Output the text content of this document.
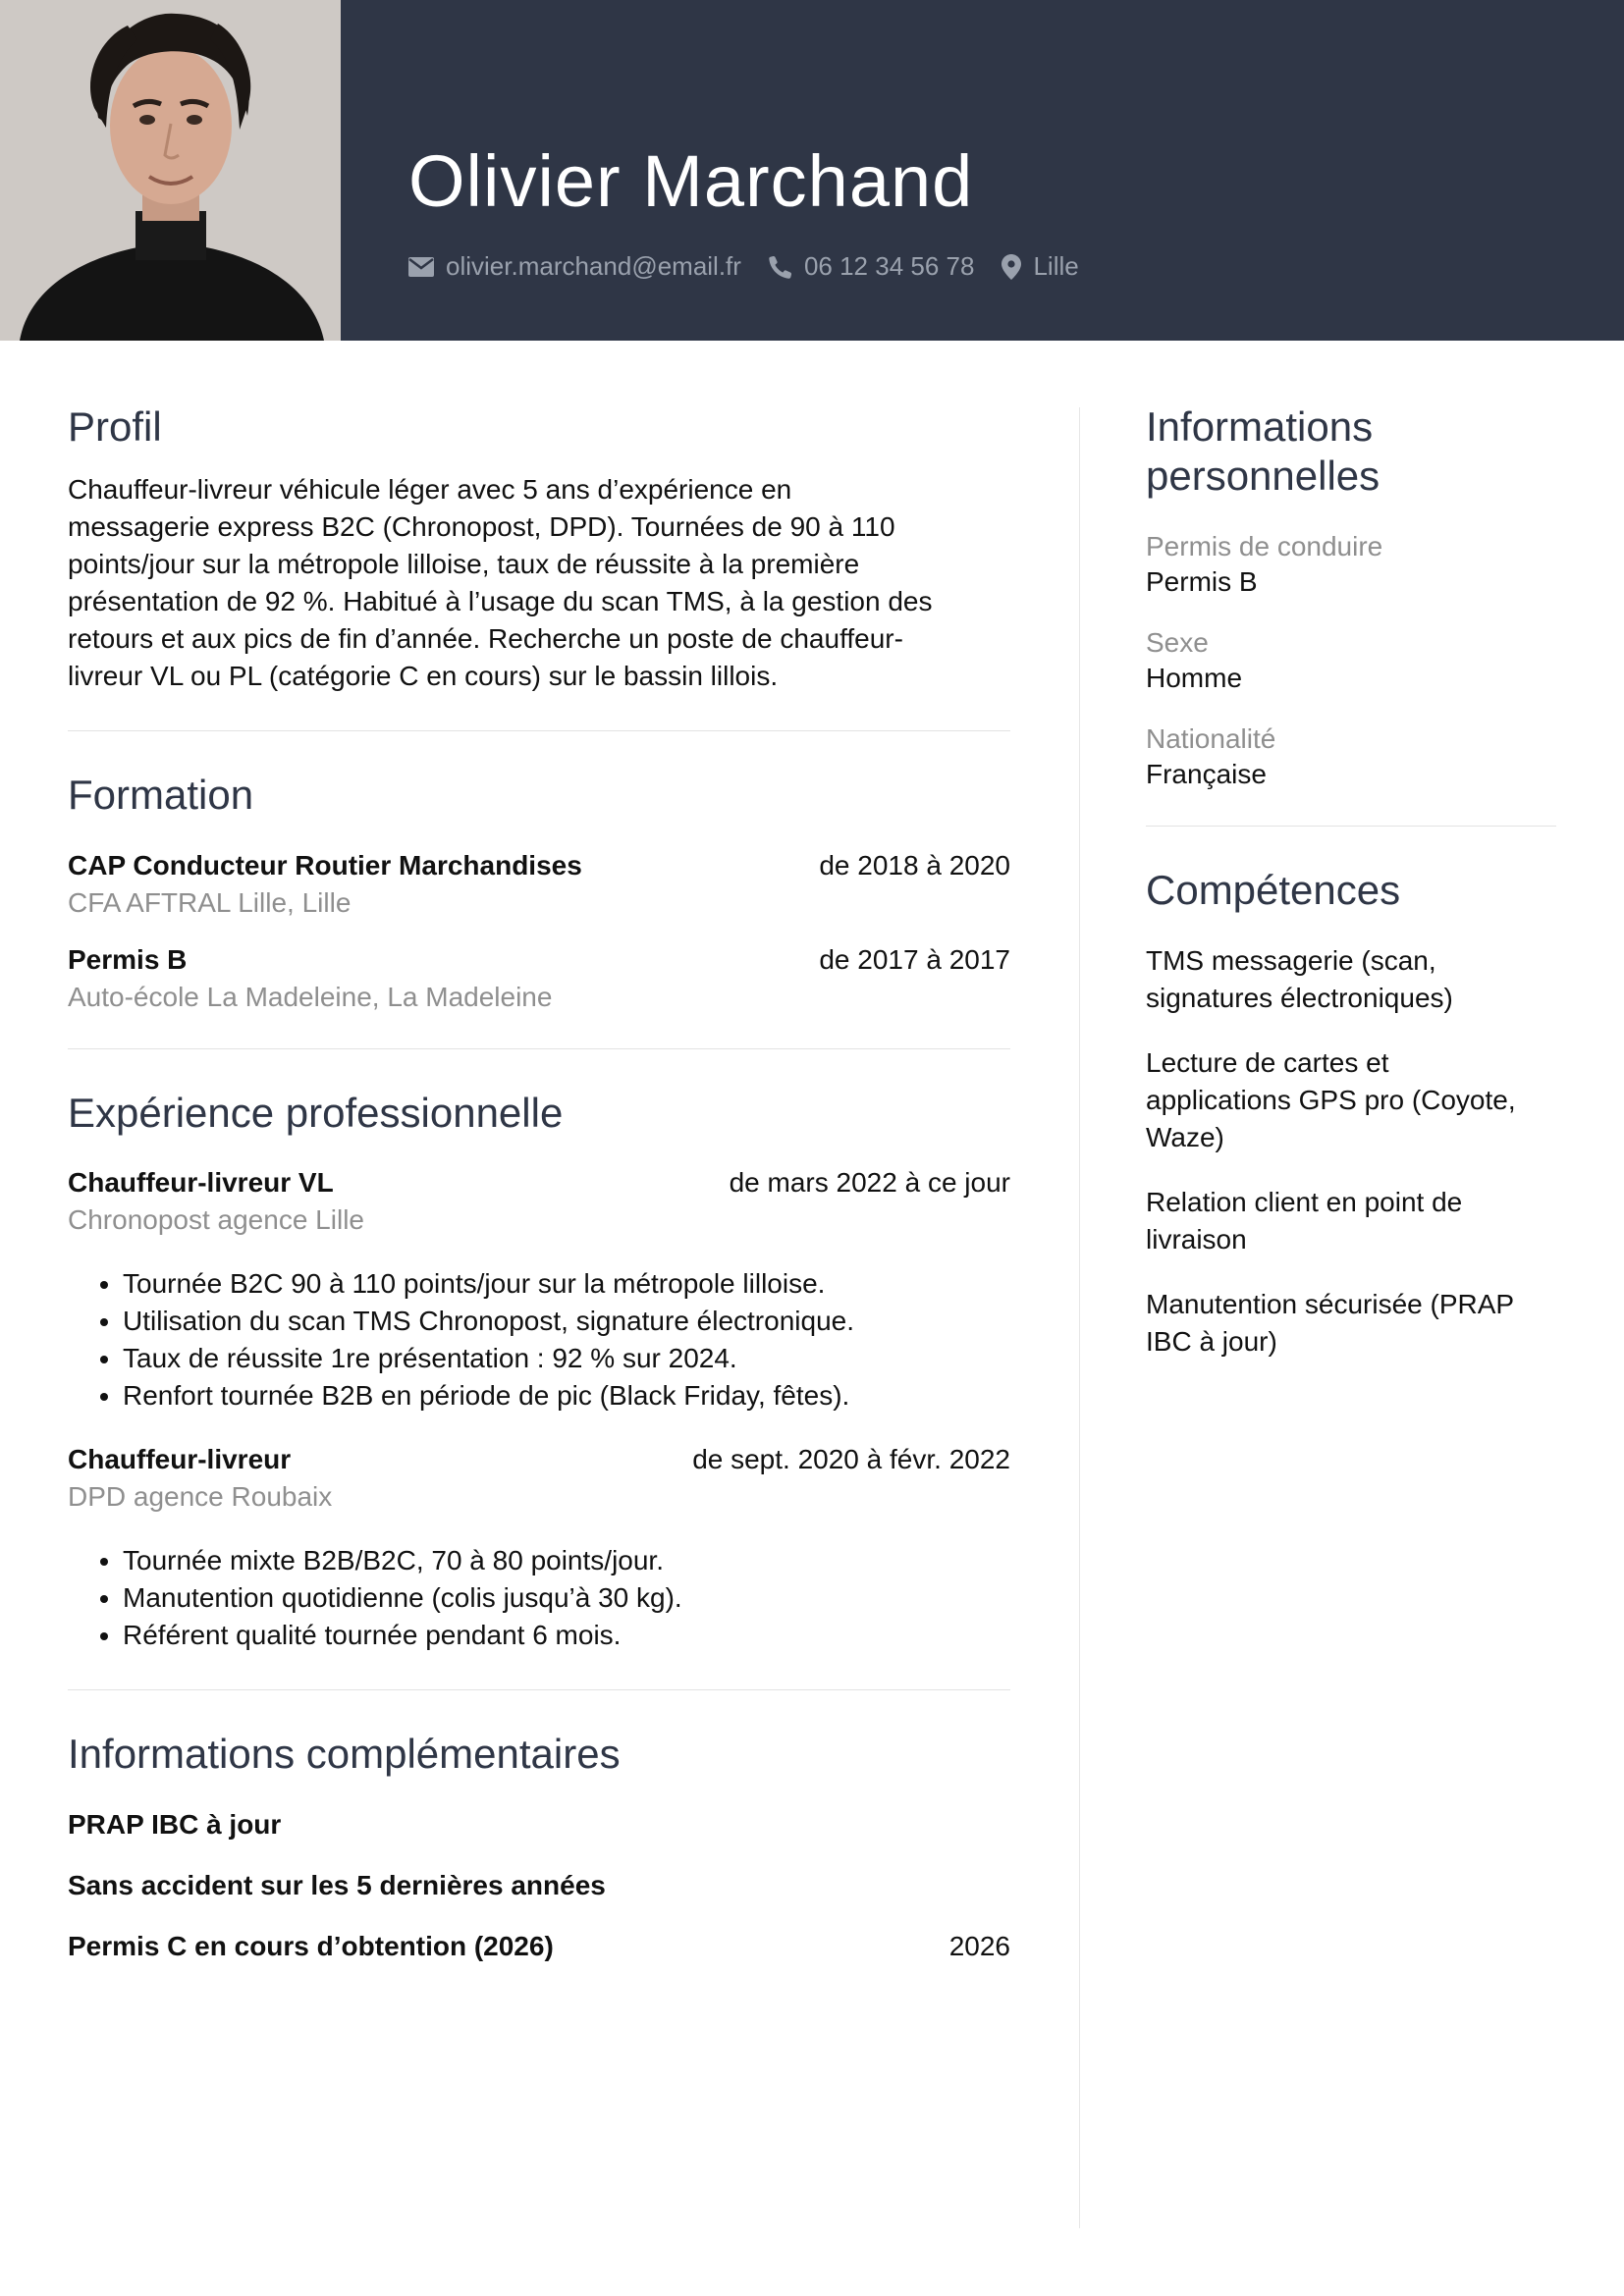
Olivier Marchand
olivier.marchand@email.fr 06 12 34 56 78 Lille
Profil
Chauffeur-livreur véhicule léger avec 5 ans d’expérience en
messagerie express B2C (Chronopost, DPD). Tournées de 90 à 110
points/jour sur la métropole lilloise, taux de réussite à la première
présentation de 92 %. Habitué à l’usage du scan TMS, à la gestion des
retours et aux pics de fin d’année. Recherche un poste de chauffeur-
livreur VL ou PL (catégorie C en cours) sur le bassin lillois.
Formation
CAP Conducteur Routier Marchandises	de 2018 à 2020
CFA AFTRAL Lille, Lille
Permis B	de 2017 à 2017
Auto-école La Madeleine, La Madeleine
Expérience professionnelle
Chauffeur-livreur VL	de mars 2022 à ce jour
Chronopost agence Lille
• Tournée B2C 90 à 110 points/jour sur la métropole lilloise.
• Utilisation du scan TMS Chronopost, signature électronique.
• Taux de réussite 1re présentation : 92 % sur 2024.
• Renfort tournée B2B en période de pic (Black Friday, fêtes).
Chauffeur-livreur	de sept. 2020 à févr. 2022
DPD agence Roubaix
• Tournée mixte B2B/B2C, 70 à 80 points/jour.
• Manutention quotidienne (colis jusqu’à 30 kg).
• Référent qualité tournée pendant 6 mois.
Informations complémentaires
PRAP IBC à jour
Sans accident sur les 5 dernières années
Permis C en cours d’obtention (2026)	2026
Informations
personnelles
Permis de conduire
Permis B
Sexe
Homme
Nationalité
Française
Compétences
TMS messagerie (scan,
signatures électroniques)
Lecture de cartes et
applications GPS pro (Coyote,
Waze)
Relation client en point de
livraison
Manutention sécurisée (PRAP
IBC à jour)
